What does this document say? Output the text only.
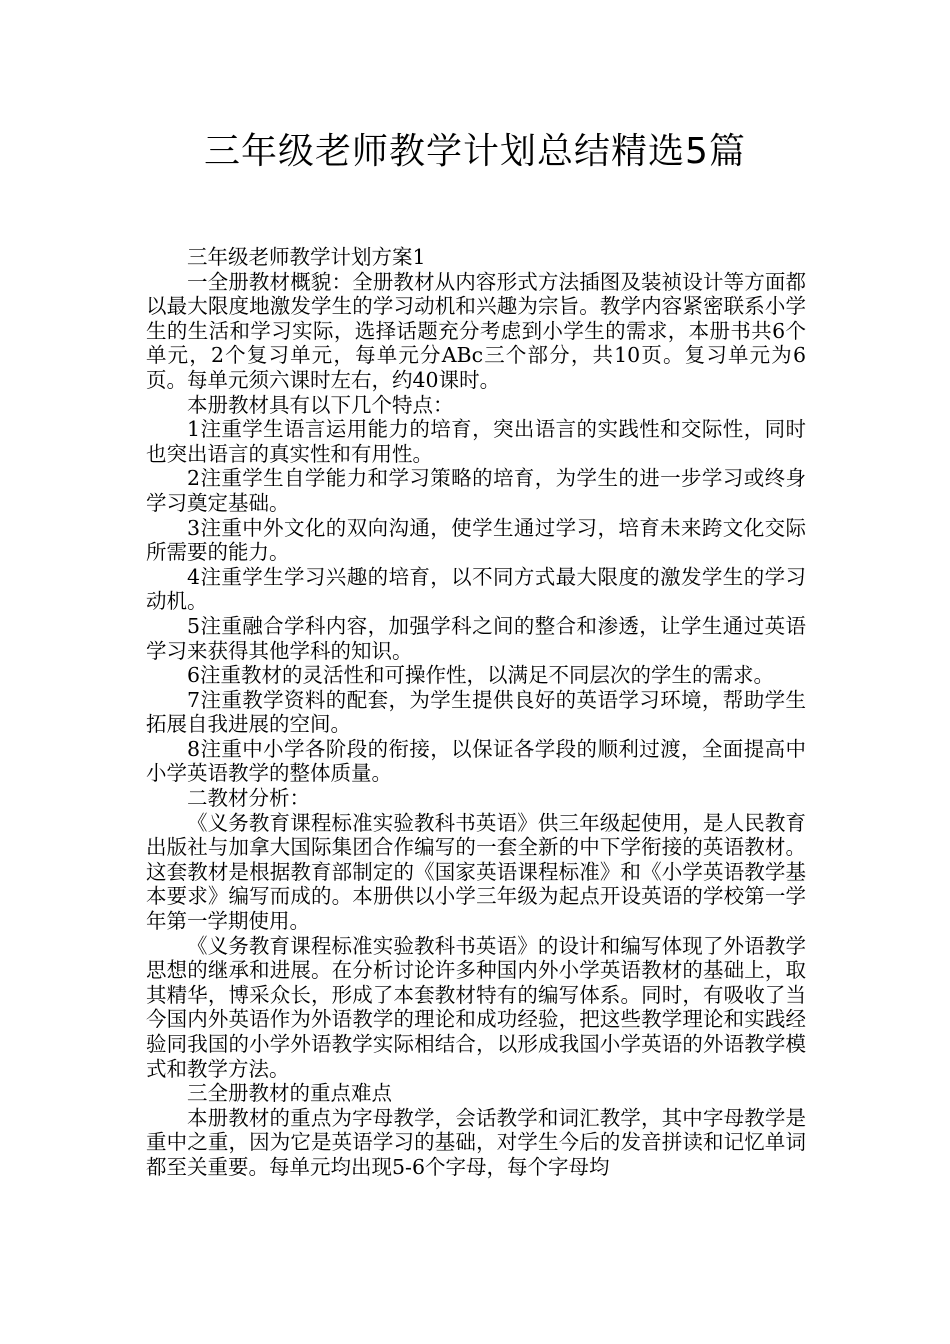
三年级老师教学计划总结精选5篇

三年级老师教学计划方案1

一全册教材概貌：全册教材从内容形式方法插图及装祯设计等方面都以最大限度地激发学生的学习动机和兴趣为宗旨。教学内容紧密联系小学生的生活和学习实际，选择话题充分考虑到小学生的需求，本册书共6个单元，2个复习单元，每单元分ABc三个部分，共10页。复习单元为6页。每单元须六课时左右，约40课时。

本册教材具有以下几个特点：

1注重学生语言运用能力的培育，突出语言的实践性和交际性，同时也突出语言的真实性和有用性。

2注重学生自学能力和学习策略的培育，为学生的进一步学习或终身学习奠定基础。

3注重中外文化的双向沟通，使学生通过学习，培育未来跨文化交际所需要的能力。

4注重学生学习兴趣的培育，以不同方式最大限度的激发学生的学习动机。

5注重融合学科内容，加强学科之间的整合和渗透，让学生通过英语学习来获得其他学科的知识。

6注重教材的灵活性和可操作性，以满足不同层次的学生的需求。

7注重教学资料的配套，为学生提供良好的英语学习环境，帮助学生拓展自我进展的空间。

8注重中小学各阶段的衔接，以保证各学段的顺利过渡，全面提高中小学英语教学的整体质量。

二教材分析：

《义务教育课程标准实验教科书英语》供三年级起使用，是人民教育出版社与加拿大国际集团合作编写的一套全新的中下学衔接的英语教材。这套教材是根据教育部制定的《国家英语课程标准》和《小学英语教学基本要求》编写而成的。本册供以小学三年级为起点开设英语的学校第一学年第一学期使用。

《义务教育课程标准实验教科书英语》的设计和编写体现了外语教学思想的继承和进展。在分析讨论许多种国内外小学英语教材的基础上，取其精华，博采众长，形成了本套教材特有的编写体系。同时，有吸收了当今国内外英语作为外语教学的理论和成功经验，把这些教学理论和实践经验同我国的小学外语教学实际相结合，以形成我国小学英语的外语教学模式和教学方法。

三全册教材的重点难点

本册教材的重点为字母教学，会话教学和词汇教学，其中字母教学是重中之重，因为它是英语学习的基础，对学生今后的发音拼读和记忆单词都至关重要。每单元均出现5-6个字母，每个字母均
